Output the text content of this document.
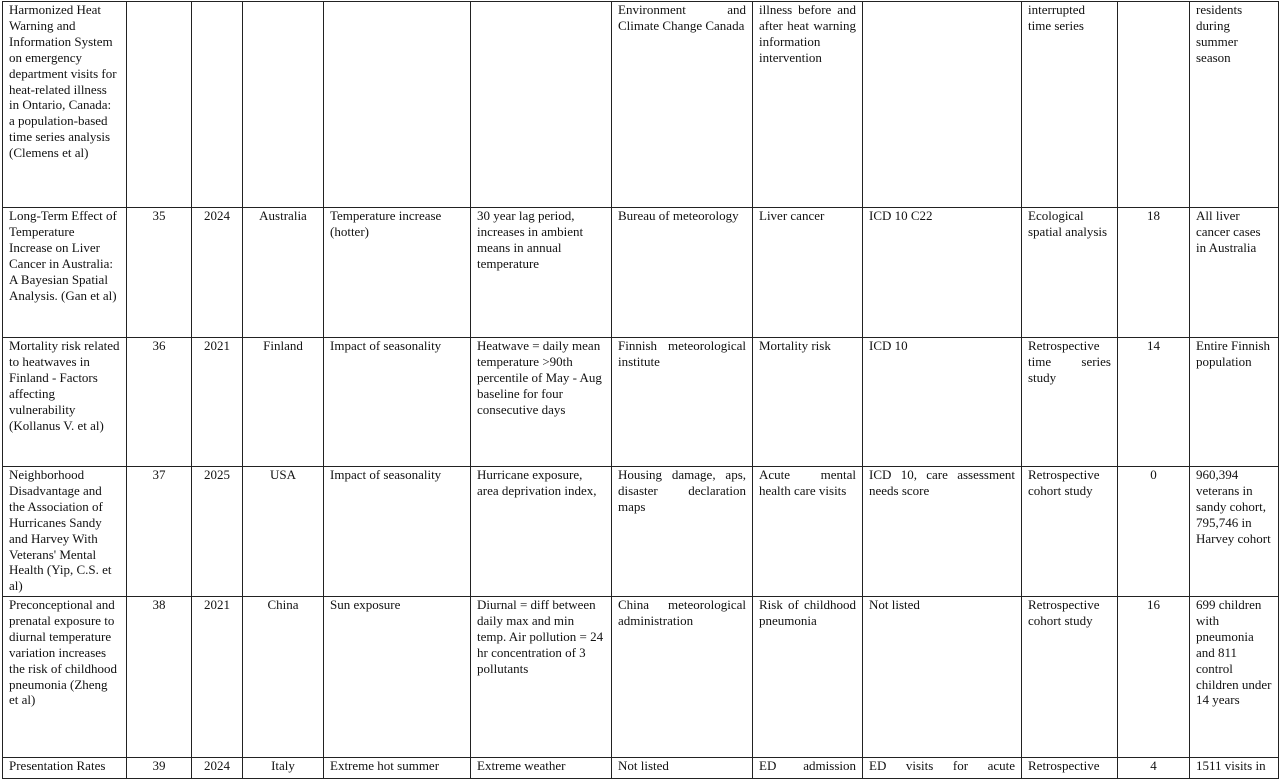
Harmonized Heat Warning and Information System on emergency department visits for heat-related illness in Ontario, Canada: a population-based time series analysis (Clemens et al)						Environment and Climate Change Canada	illness before and after heat warning information intervention		interrupted time series		residents during summer season
Long-Term Effect of Temperature Increase on Liver Cancer in Australia: A Bayesian Spatial Analysis. (Gan et al)	35	2024	Australia	Temperature increase (hotter)	30 year lag period, increases in ambient means in annual temperature	Bureau of meteorology	Liver cancer	ICD 10 C22	Ecological spatial analysis	18	All liver cancer cases in Australia
Mortality risk related to heatwaves in Finland - Factors affecting vulnerability (Kollanus V. et al)	36	2021	Finland	Impact of seasonality	Heatwave = daily mean temperature >90th percentile of May - Aug baseline for four consecutive days	Finnish meteorological institute	Mortality risk	ICD 10	Retrospective time series study	14	Entire Finnish population
Neighborhood Disadvantage and the Association of Hurricanes Sandy and Harvey With Veterans' Mental Health (Yip, C.S. et al)	37	2025	USA	Impact of seasonality	Hurricane exposure, area deprivation index,	Housing damage, aps, disaster declaration maps	Acute mental health care visits	ICD 10, care assessment needs score	Retrospective cohort study	0	960,394 veterans in sandy cohort, 795,746 in Harvey cohort
Preconceptional and prenatal exposure to diurnal temperature variation increases the risk of childhood pneumonia (Zheng et al)	38	2021	China	Sun exposure	Diurnal = diff between daily max and min temp. Air pollution = 24 hr concentration of 3 pollutants	China meteorological administration	Risk of childhood pneumonia	Not listed	Retrospective cohort study	16	699 children with pneumonia and 811 control children under 14 years
Presentation Rates	39	2024	Italy	Extreme hot summer	Extreme weather	Not listed	ED admission	ED visits for acute	Retrospective	4	1511 visits in
